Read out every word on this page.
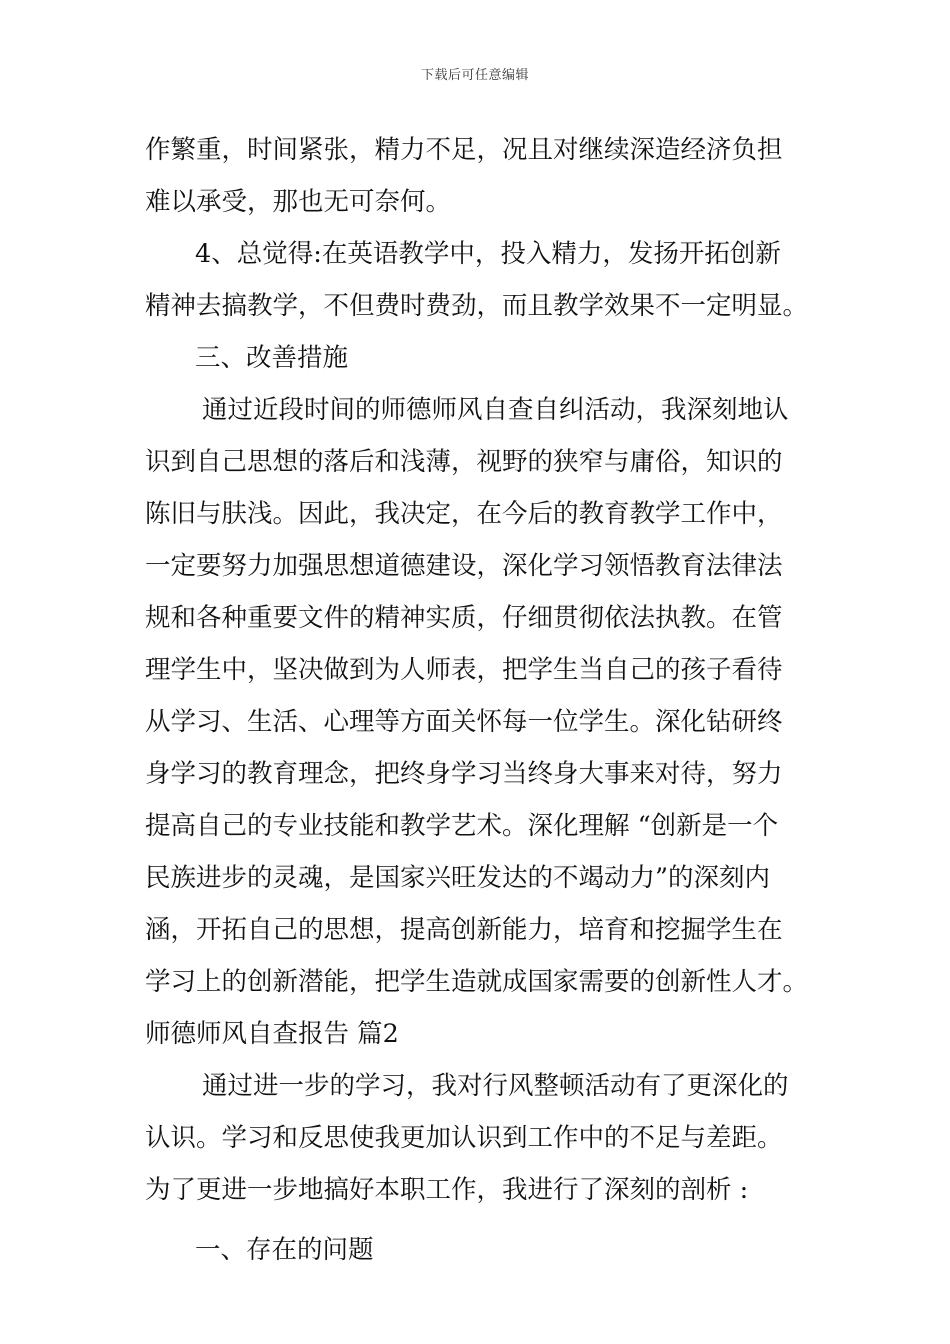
下载后可任意编辑
作繁重，时间紧张，精力不足，况且对继续深造经济负担
难以承受，那也无可奈何。
4、总觉得:在英语教学中，投入精力，发扬开拓创新
精神去搞教学，不但费时费劲，而且教学效果不一定明显。
三、改善措施
通过近段时间的师德师风自查自纠活动，我深刻地认
识到自己思想的落后和浅薄，视野的狭窄与庸俗，知识的
陈旧与肤浅。因此，我决定，在今后的教育教学工作中，
一定要努力加强思想道德建设，深化学习领悟教育法律法
规和各种重要文件的精神实质，仔细贯彻依法执教。在管
理学生中，坚决做到为人师表，把学生当自己的孩子看待
从学习、生活、心理等方面关怀每一位学生。深化钻研终
身学习的教育理念，把终身学习当终身大事来对待，努力
提高自己的专业技能和教学艺术。深化理解 “创新是一个
民族进步的灵魂，是国家兴旺发达的不竭动力”的深刻内
涵，开拓自己的思想，提高创新能力，培育和挖掘学生在
学习上的创新潜能，把学生造就成国家需要的创新性人才。
师德师风自查报告 篇2
通过进一步的学习，我对行风整顿活动有了更深化的
认识。学习和反思使我更加认识到工作中的不足与差距。
为了更进一步地搞好本职工作，我进行了深刻的剖析 :
一、存在的问题
